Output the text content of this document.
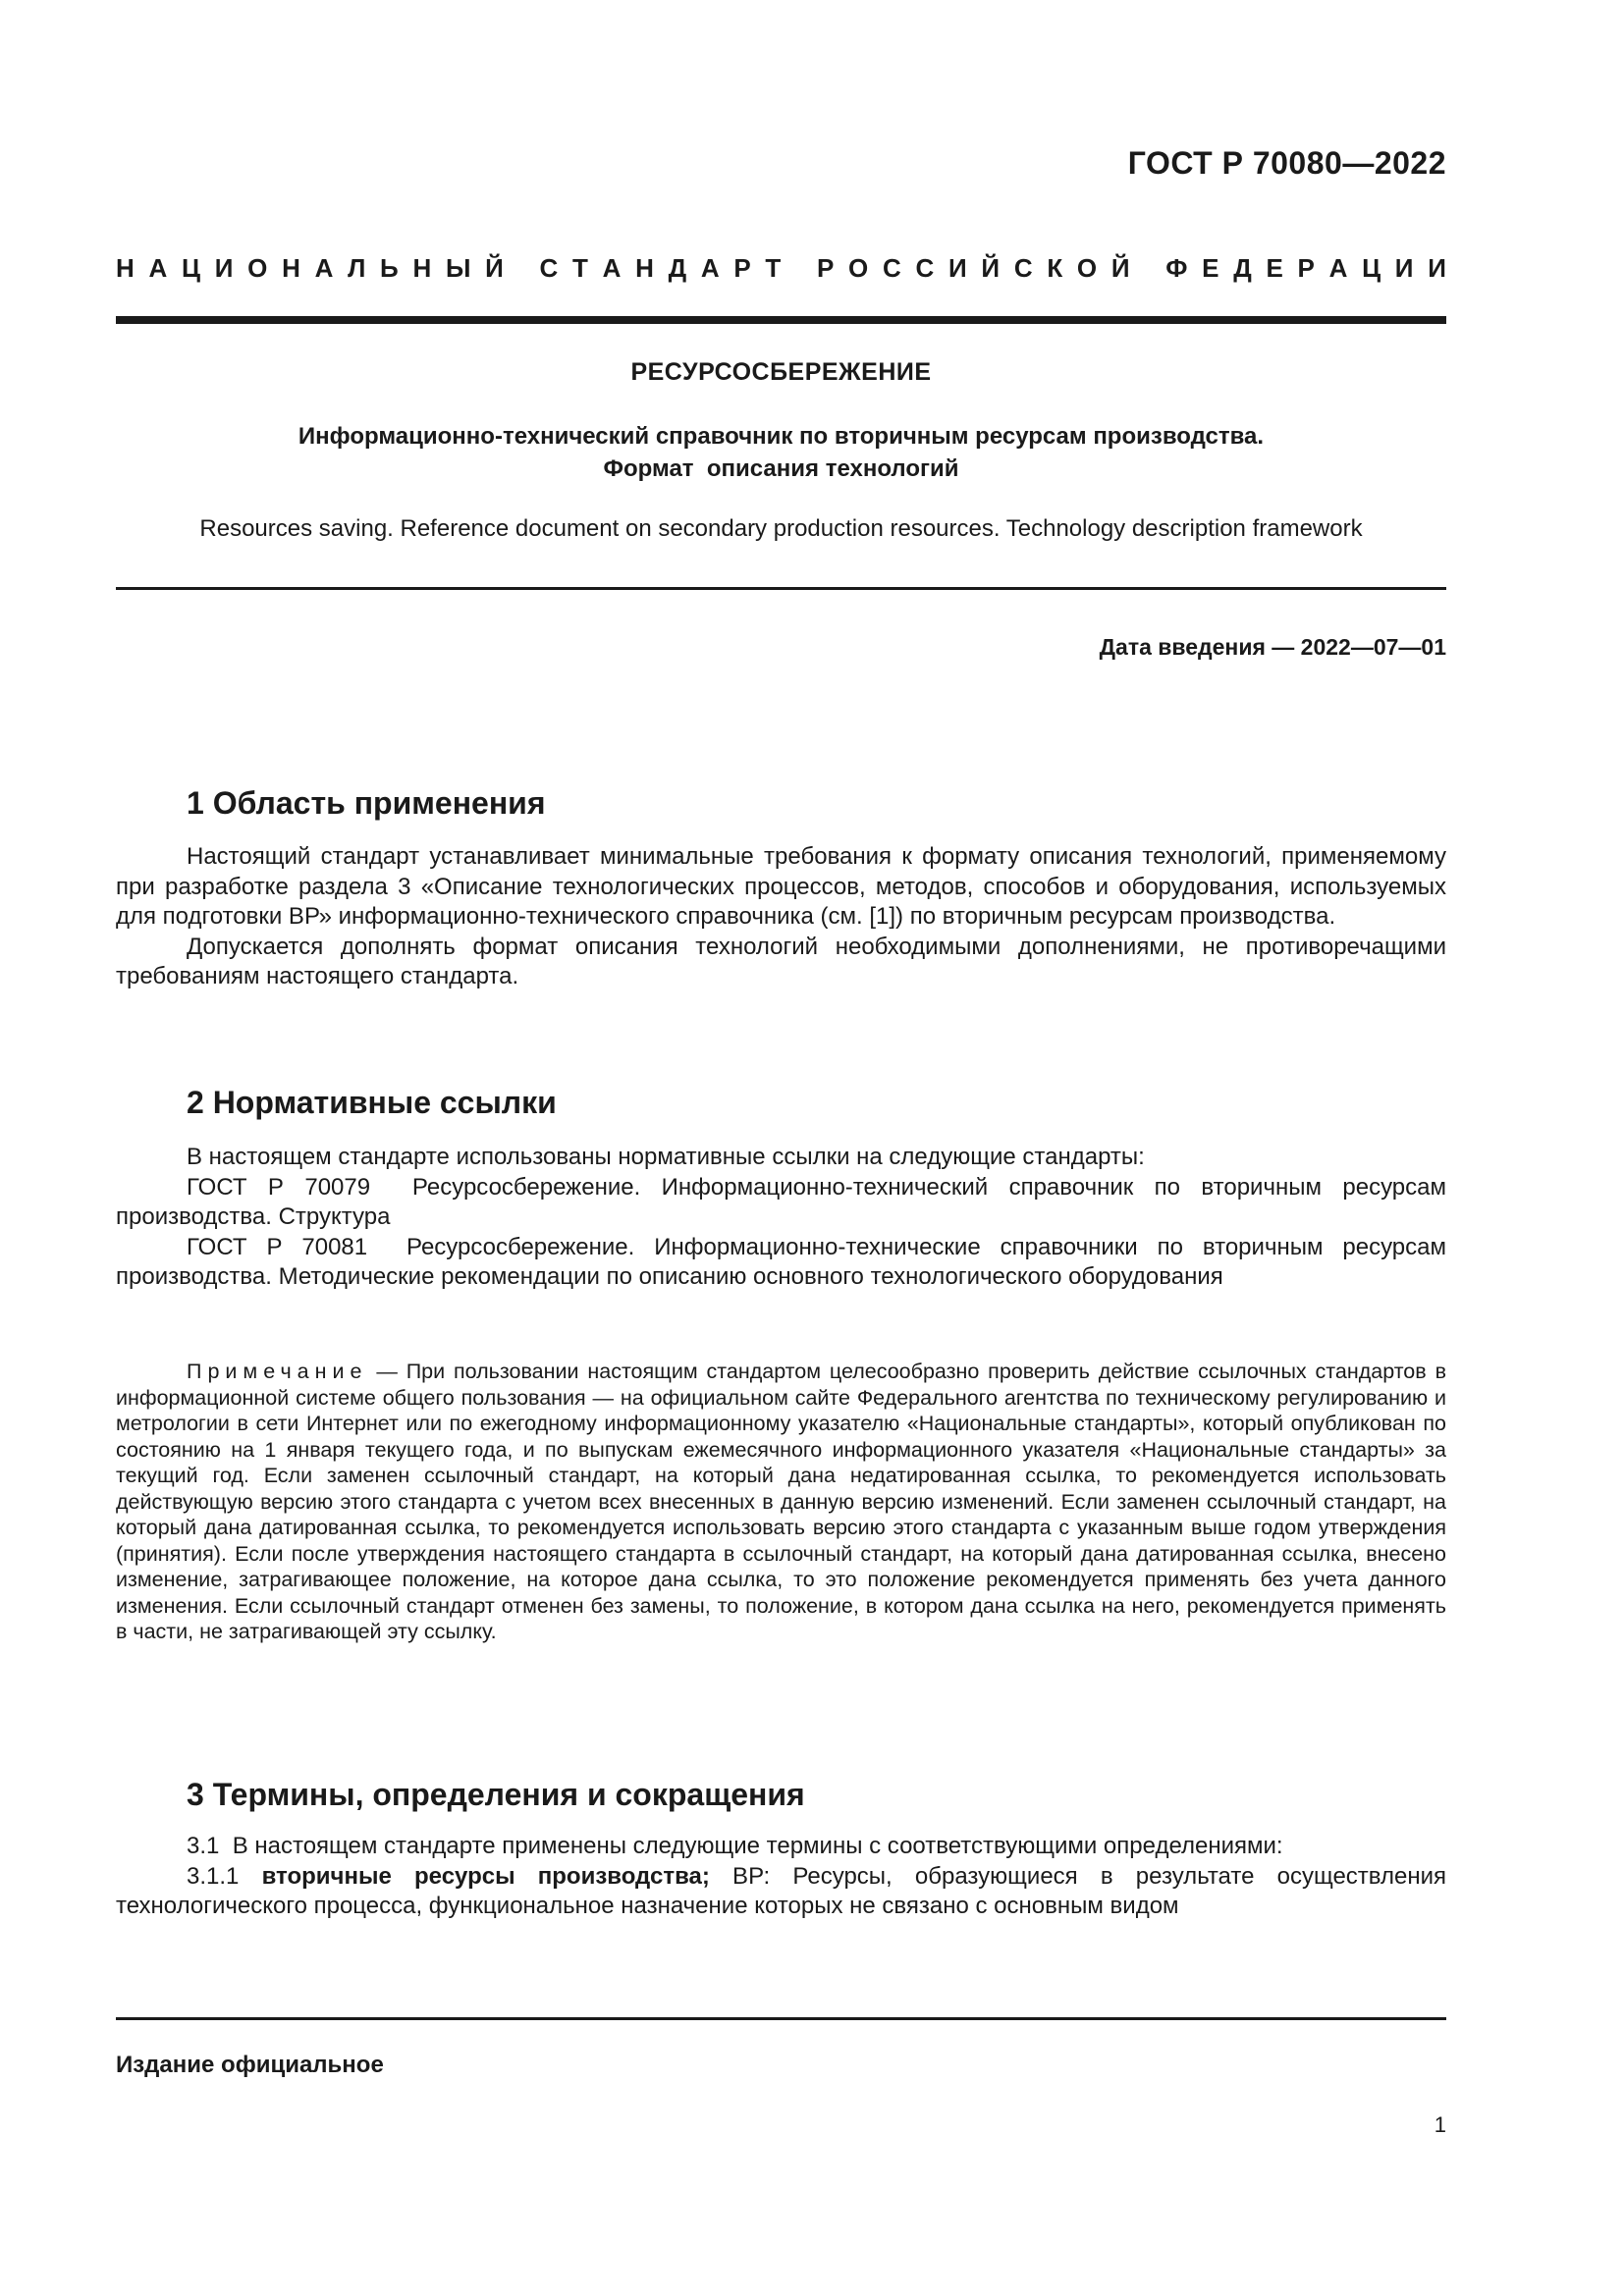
ГОСТ Р 70080—2022
Н А Ц И О Н А Л Ь Н Ы Й
С Т А Н Д А Р Т
Р О С С И Й С К О Й
Ф Е Д Е Р А Ц И И
РЕСУРСОСБЕРЕЖЕНИЕ
Информационно-технический справочник по вторичным ресурсам производства.
Формат  описания технологий
Resources saving. Reference document on secondary production resources. Technology description framework
Дата введения — 2022—07—01
1 Область применения

Настоящий стандарт устанавливает минимальные требования к формату описания технологий, применяемому при разработке раздела 3 «Описание технологических процессов, методов, способов и оборудования, используемых для подготовки ВР» информационно-технического справочника (см. [1]) по вторичным ресурсам производства.

Допускается дополнять формат описания технологий необходимыми дополнениями, не противоречащими требованиям настоящего стандарта.

2 Нормативные ссылки

В настоящем стандарте использованы нормативные ссылки на следующие стандарты:

ГОСТ Р 70079  Ресурсосбережение. Информационно-технический справочник по вторичным ресурсам производства. Структура

ГОСТ Р 70081  Ресурсосбережение. Информационно-технические справочники по вторичным ресурсам производства. Методические рекомендации по описанию основного технологического оборудования

Примечание — При пользовании настоящим стандартом целесообразно проверить действие ссылочных стандартов в информационной системе общего пользования — на официальном сайте Федерального агентства по техническому регулированию и метрологии в сети Интернет или по ежегодному информационному указателю «Национальные стандарты», который опубликован по состоянию на 1 января текущего года, и по выпускам ежемесячного информационного указателя «Национальные стандарты» за текущий год. Если заменен ссылочный стандарт, на который дана недатированная ссылка, то рекомендуется использовать действующую версию этого стандарта с учетом всех внесенных в данную версию изменений. Если заменен ссылочный стандарт, на который дана датированная ссылка, то рекомендуется использовать версию этого стандарта с указанным выше годом утверждения (принятия). Если после утверждения настоящего стандарта в ссылочный стандарт, на который дана датированная ссылка, внесено изменение, затрагивающее положение, на которое дана ссылка, то это положение рекомендуется применять без учета данного изменения. Если ссылочный стандарт отменен без замены, то положение, в котором дана ссылка на него, рекомендуется применять в части, не затрагивающей эту ссылку.

3 Термины, определения и сокращения

3.1  В настоящем стандарте применены следующие термины с соответствующими определениями:

3.1.1 вторичные ресурсы производства; ВР: Ресурсы, образующиеся в результате осуществления технологического процесса, функциональное назначение которых не связано с основным видом

Издание официальное
1
